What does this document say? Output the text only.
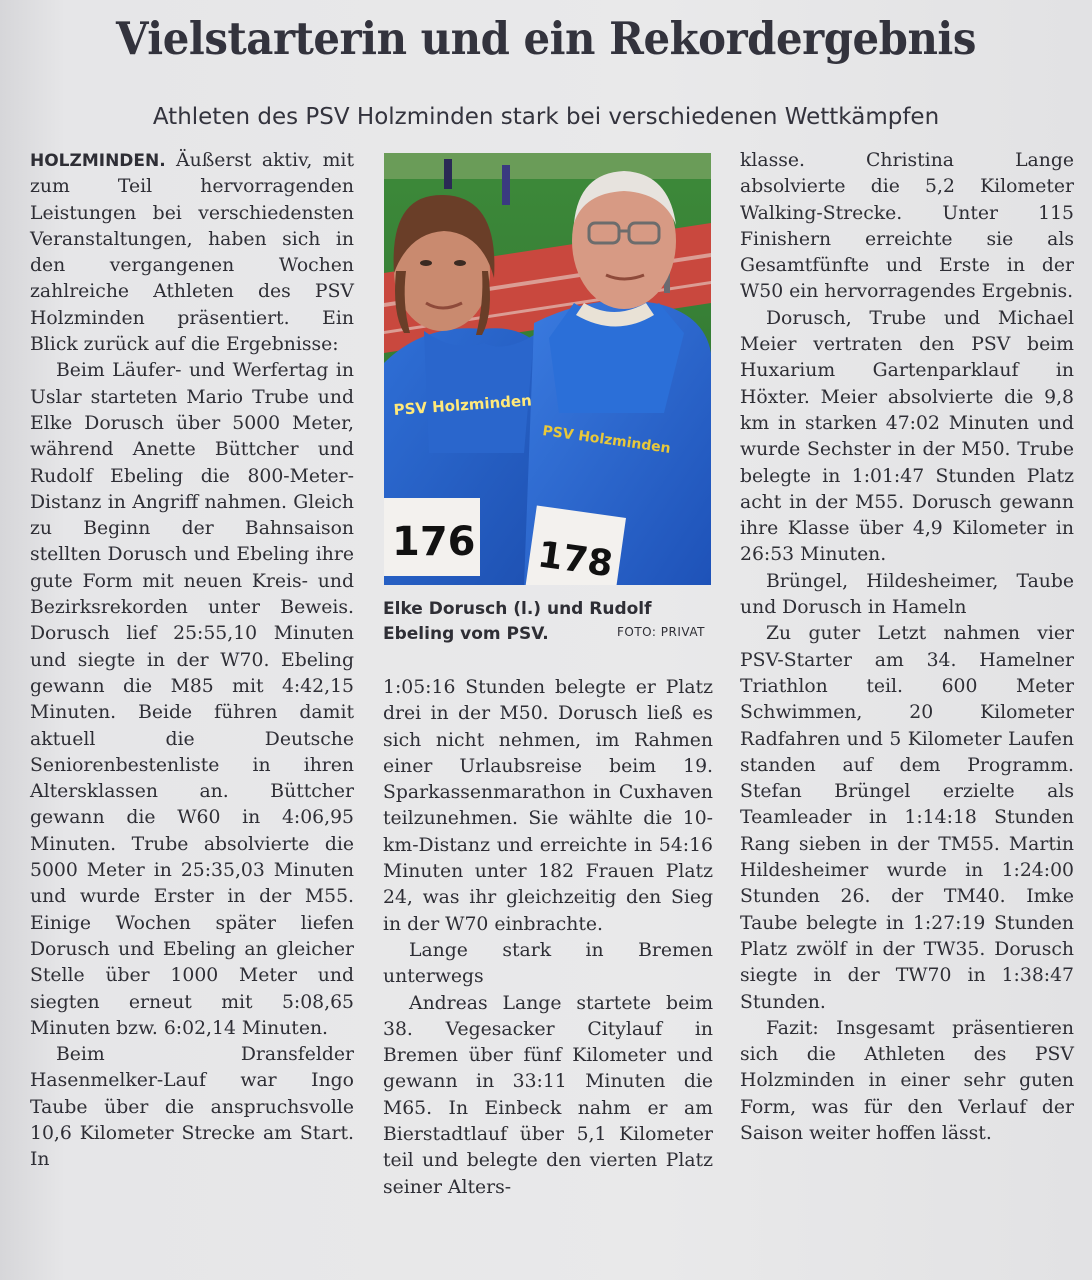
Vielstarterin und ein Rekordergebnis
Athleten des PSV Holzminden stark bei verschiedenen Wettkämpfen

HOLZMINDEN. Äußerst aktiv, mit zum Teil hervorragenden Leistungen bei verschiedensten Veranstaltungen, haben sich in den vergangenen Wochen zahlreiche Athleten des PSV Holzminden präsentiert. Ein Blick zurück auf die Ergebnisse:

Beim Läufer- und Werfertag in Uslar starteten Mario Trube und Elke Dorusch über 5000 Meter, während Anette Büttcher und Rudolf Ebeling die 800-Meter-Distanz in Angriff nahmen. Gleich zu Beginn der Bahnsaison stellten Dorusch und Ebeling ihre gute Form mit neuen Kreis- und Bezirksrekorden unter Beweis. Dorusch lief 25:55,10 Minuten und siegte in der W70. Ebeling gewann die M85 mit 4:42,15 Minuten. Beide führen damit aktuell die Deutsche Seniorenbestenliste in ihren Altersklassen an. Büttcher gewann die W60 in 4:06,95 Minuten. Trube absolvierte die 5000 Meter in 25:35,03 Minuten und wurde Erster in der M55. Einige Wochen später liefen Dorusch und Ebeling an gleicher Stelle über 1000 Meter und siegten erneut mit 5:08,65 Minuten bzw. 6:02,14 Minuten.

Beim Dransfelder Hasenmelker-Lauf war Ingo Taube über die anspruchsvolle 10,6 Kilometer Strecke am Start. In

PSV Holzminden
PSV Holzminden
176 178
Elke Dorusch (l.) und Rudolf Ebeling vom PSV.	FOTO: PRIVAT

1:05:16 Stunden belegte er Platz drei in der M50. Dorusch ließ es sich nicht nehmen, im Rahmen einer Urlaubsreise beim 19. Sparkassenmarathon in Cuxhaven teilzunehmen. Sie wählte die 10-km-Distanz und erreichte in 54:16 Minuten unter 182 Frauen Platz 24, was ihr gleichzeitig den Sieg in der W70 einbrachte.

Lange stark in Bremen unterwegs

Andreas Lange startete beim 38. Vegesacker Citylauf in Bremen über fünf Kilometer und gewann in 33:11 Minuten die M65. In Einbeck nahm er am Bierstadtlauf über 5,1 Kilometer teil und belegte den vierten Platz seiner Alters-

klasse. Christina Lange absolvierte die 5,2 Kilometer Walking-Strecke. Unter 115 Finishern erreichte sie als Gesamtfünfte und Erste in der W50 ein hervorragendes Ergebnis.

Dorusch, Trube und Michael Meier vertraten den PSV beim Huxarium Gartenparklauf in Höxter. Meier absolvierte die 9,8 km in starken 47:02 Minuten und wurde Sechster in der M50. Trube belegte in 1:01:47 Stunden Platz acht in der M55. Dorusch gewann ihre Klasse über 4,9 Kilometer in 26:53 Minuten.

Brüngel, Hildesheimer, Taube und Dorusch in Hameln

Zu guter Letzt nahmen vier PSV-Starter am 34. Hamelner Triathlon teil. 600 Meter Schwimmen, 20 Kilometer Radfahren und 5 Kilometer Laufen standen auf dem Programm. Stefan Brüngel erzielte als Teamleader in 1:14:18 Stunden Rang sieben in der TM55. Martin Hildesheimer wurde in 1:24:00 Stunden 26. der TM40. Imke Taube belegte in 1:27:19 Stunden Platz zwölf in der TW35. Dorusch siegte in der TW70 in 1:38:47 Stunden.

Fazit: Insgesamt präsentieren sich die Athleten des PSV Holzminden in einer sehr guten Form, was für den Verlauf der Saison weiter hoffen lässt.
